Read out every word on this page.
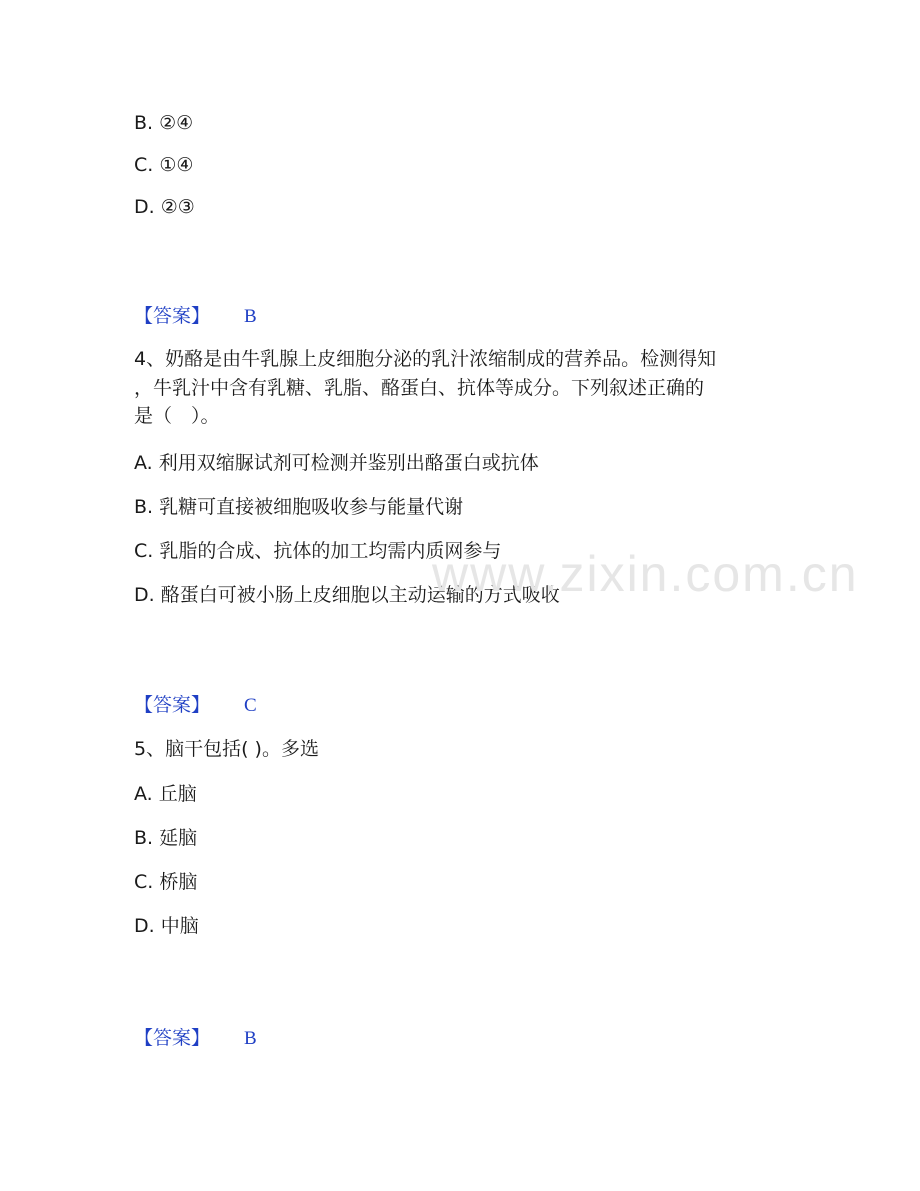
B. ②④
C. ①④
D. ②③
【答案】 B
4、奶酪是由牛乳腺上皮细胞分泌的乳汁浓缩制成的营养品。检测得知
，牛乳汁中含有乳糖、乳脂、酪蛋白、抗体等成分。下列叙述正确的
是（　）。
A. 利用双缩脲试剂可检测并鉴别出酪蛋白或抗体
B. 乳糖可直接被细胞吸收参与能量代谢
C. 乳脂的合成、抗体的加工均需内质网参与
D. 酪蛋白可被小肠上皮细胞以主动运输的方式吸收
【答案】 C
5、脑干包括( )。多选
A. 丘脑
B. 延脑
C. 桥脑
D. 中脑
【答案】 B
www.zixin.com.cn
